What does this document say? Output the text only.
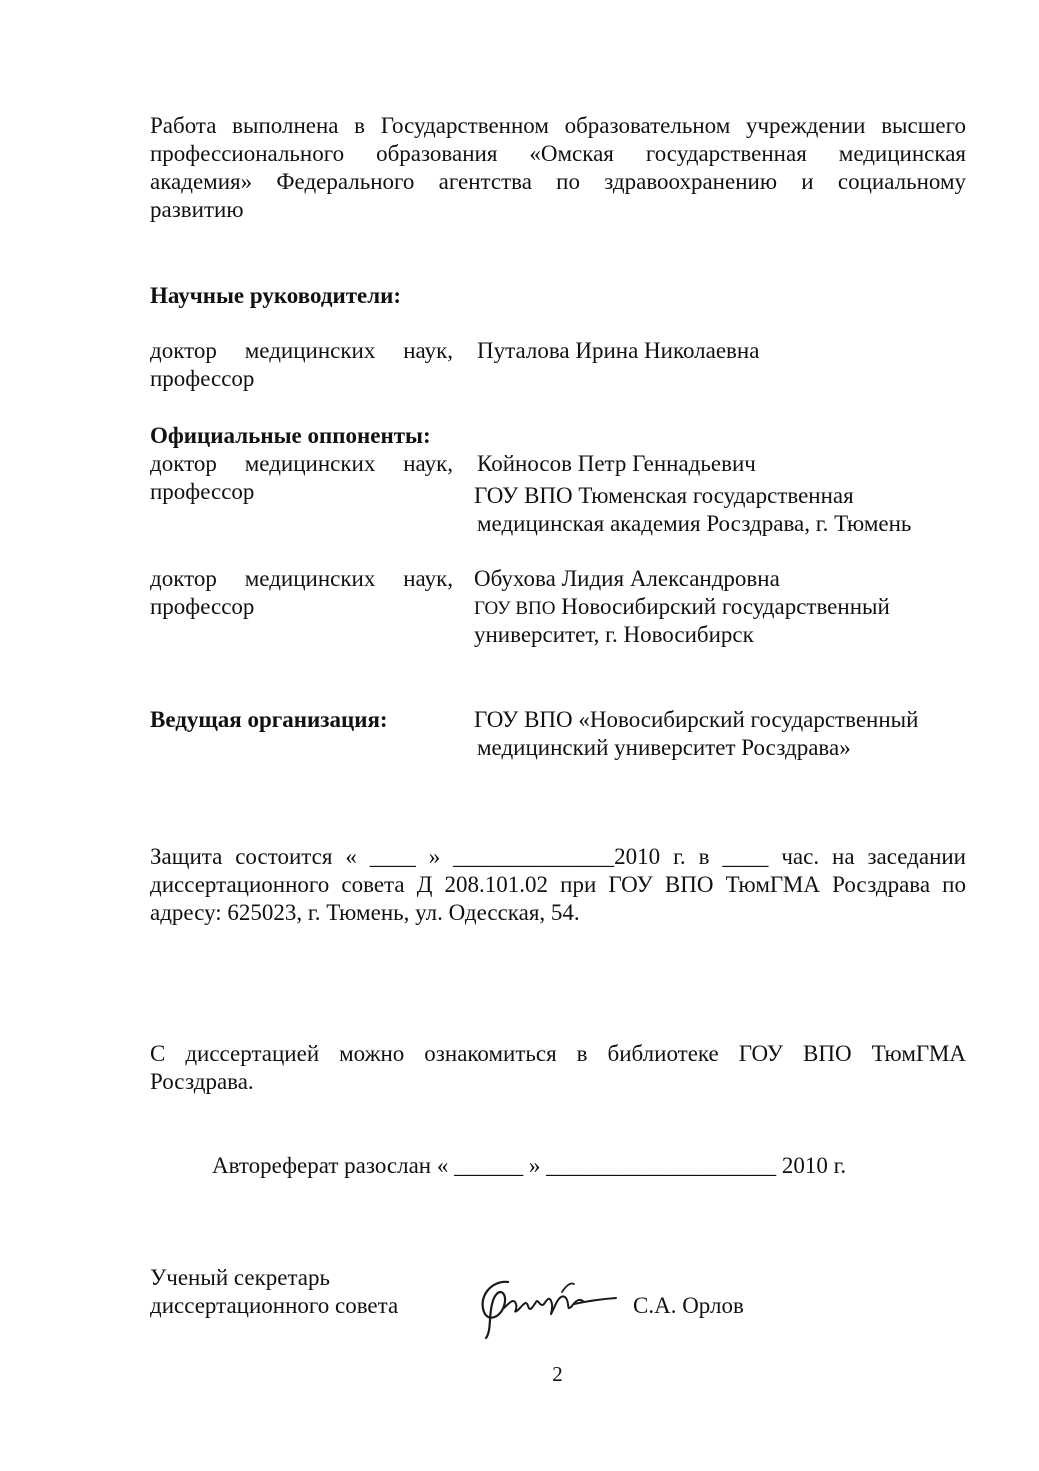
Работа выполнена в Государственном образовательном учреждении высшего
профессионального образования «Омская государственная медицинская
академия» Федерального агентства по здравоохранению и социальному
развитию
Научные руководители:
доктор медицинских наук,
профессор
Путалова Ирина Николаевна
Официальные оппоненты:
доктор медицинских наук,
профессор
Койносов Петр Геннадьевич
ГОУ ВПО Тюменская государственная
медицинская академия Росздрава, г. Тюмень
доктор медицинских наук,
профессор
Обухова Лидия Александровна
ГОУ ВПО Новосибирский государственный
университет, г. Новосибирск
Ведущая организация:	ГОУ ВПО «Новосибирский государственный
медицинский университет Росздрава»
Защита состоится « ____ » ______________2010 г. в ____ час. на заседании
диссертационного совета Д 208.101.02 при ГОУ ВПО ТюмГМА Росздрава по
адресу: 625023, г. Тюмень, ул. Одесская, 54.
С диссертацией можно ознакомиться в библиотеке ГОУ ВПО ТюмГМА
Росздрава.
Автореферат разослан « ______ » ____________________ 2010 г.
Ученый секретарь
диссертационного совета	С.А. Орлов
2
